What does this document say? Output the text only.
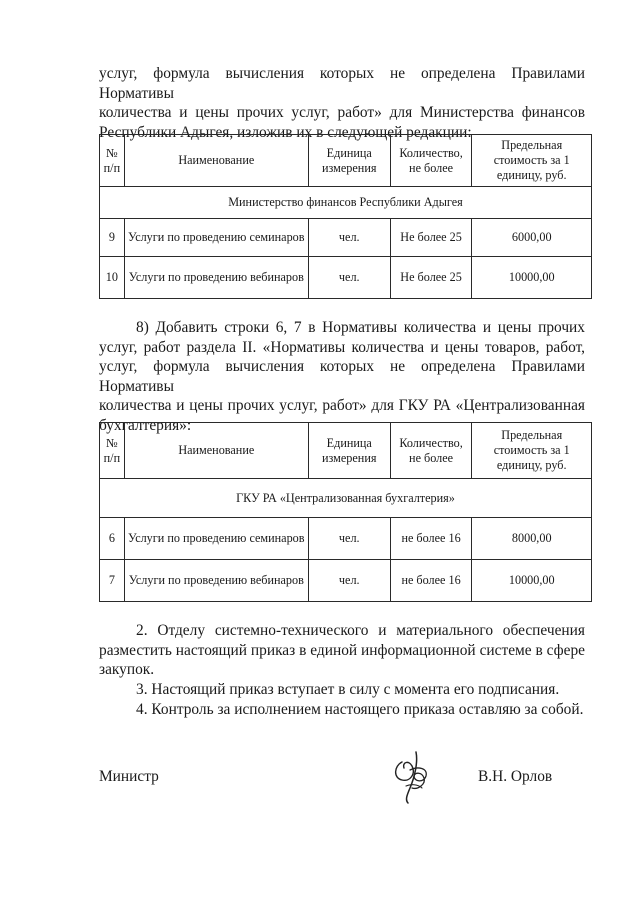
услуг, формула вычисления которых не определена Правилами Нормативы
количества и цены прочих услуг, работ» для Министерства финансов
Республики Адыгея, изложив их в следующей редакции:

№ п/п	Наименование	Единица измерения	Количество, не более	Предельная стоимость за 1 единицу, руб.
Министерство финансов Республики Адыгея				
9	Услуги по проведению семинаров	чел.	Не более 25	6000,00
10	Услуги по проведению вебинаров	чел.	Не более 25	10000,00

8) Добавить строки 6, 7 в Нормативы количества и цены прочих
услуг, работ раздела II. «Нормативы количества и цены товаров, работ,
услуг, формула вычисления которых не определена Правилами Нормативы
количества и цены прочих услуг, работ» для ГКУ РА «Централизованная
бухгалтерия»:

№ п/п	Наименование	Единица измерения	Количество, не более	Предельная стоимость за 1 единицу, руб.
ГКУ РА «Централизованная бухгалтерия»				
6	Услуги по проведению семинаров	чел.	не более 16	8000,00
7	Услуги по проведению вебинаров	чел.	не более 16	10000,00

2. Отделу системно-технического и материального обеспечения
разместить настоящий приказ в единой информационной системе в сфере
закупок.

3. Настоящий приказ вступает в силу с момента его подписания.

4. Контроль за исполнением настоящего приказа оставляю за собой.

Министр	В.Н. Орлов
